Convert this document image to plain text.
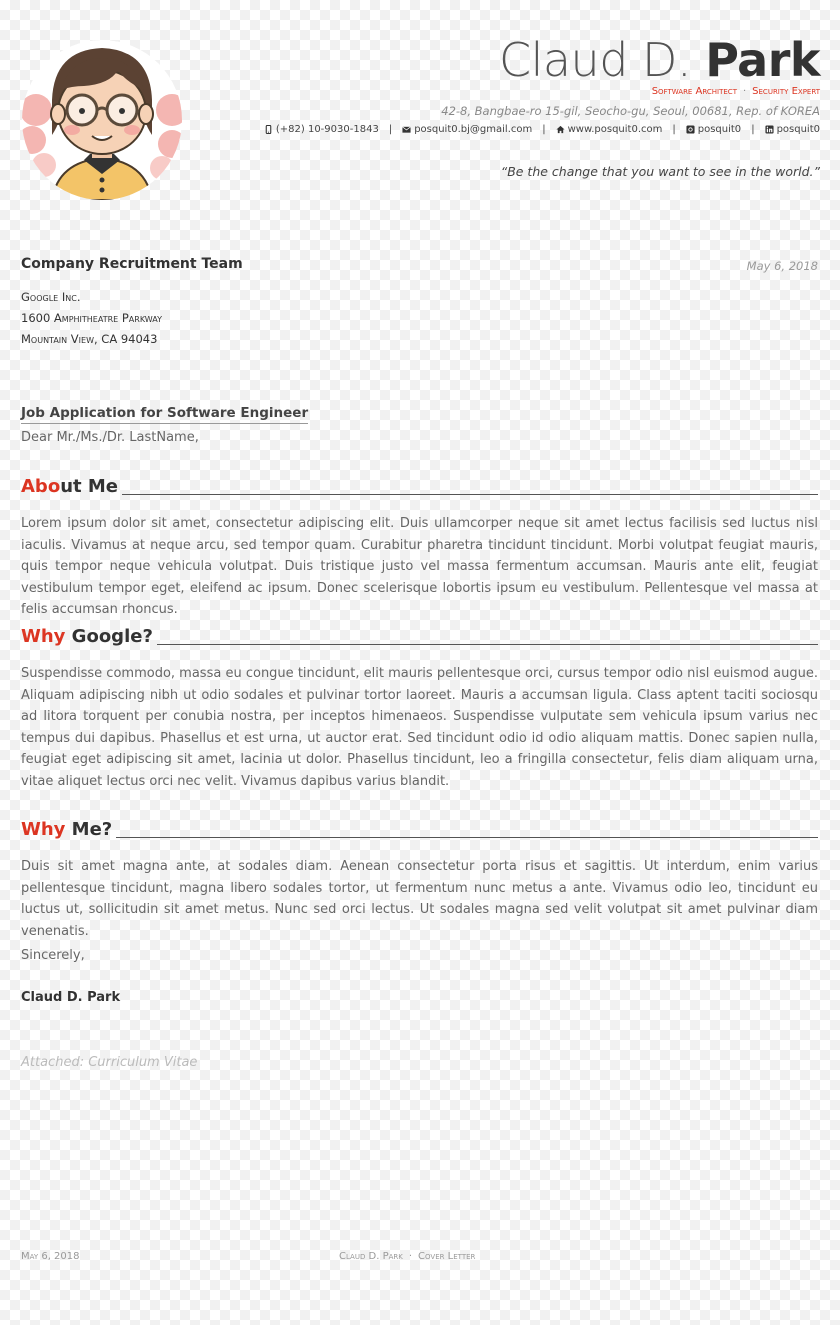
Claud D. Park
Software Architect · Security Expert
42-8, Bangbae-ro 15-gil, Seocho-gu, Seoul, 00681, Rep. of KOREA
(+82) 10-9030-1843 | posquit0.bj@gmail.com | www.posquit0.com | posquit0 | posquit0
“Be the change that you want to see in the world.”
Company Recruitment Team	May 6, 2018
Google Inc.
1600 Amphitheatre Parkway
Mountain View, CA 94043
Job Application for Software Engineer
Dear Mr./Ms./Dr. LastName,
About Me

Lorem ipsum dolor sit amet, consectetur adipiscing elit. Duis ullamcorper neque sit amet lectus facilisis sed luctus nisl iaculis. Vivamus at neque arcu, sed tempor quam. Curabitur pharetra tincidunt tincidunt. Morbi volutpat feugiat mauris, quis tempor neque vehicula volutpat. Duis tristique justo vel massa fermentum accumsan. Mauris ante elit, feugiat vestibulum tempor eget, eleifend ac ipsum. Donec scelerisque lobortis ipsum eu vestibulum. Pellentesque vel massa at felis accumsan rhoncus.

Why Google?

Suspendisse commodo, massa eu congue tincidunt, elit mauris pellentesque orci, cursus tempor odio nisl euismod augue. Aliquam adipiscing nibh ut odio sodales et pulvinar tortor laoreet. Mauris a accumsan ligula. Class aptent taciti sociosqu ad litora torquent per conubia nostra, per inceptos himenaeos. Suspendisse vulputate sem vehicula ipsum varius nec tempus dui dapibus. Phasellus et est urna, ut auctor erat. Sed tincidunt odio id odio aliquam mattis. Donec sapien nulla, feugiat eget adipiscing sit amet, lacinia ut dolor. Phasellus tincidunt, leo a fringilla consectetur, felis diam aliquam urna, vitae aliquet lectus orci nec velit. Vivamus dapibus varius blandit.

Why Me?

Duis sit amet magna ante, at sodales diam. Aenean consectetur porta risus et sagittis. Ut interdum, enim varius pellentesque tincidunt, magna libero sodales tortor, ut fermentum nunc metus a ante. Vivamus odio leo, tincidunt eu luctus ut, sollicitudin sit amet metus. Nunc sed orci lectus. Ut sodales magna sed velit volutpat sit amet pulvinar diam venenatis.

Sincerely,
Claud D. Park
Attached: Curriculum Vitae
May 6, 2018	Claud D. Park · Cover Letter
